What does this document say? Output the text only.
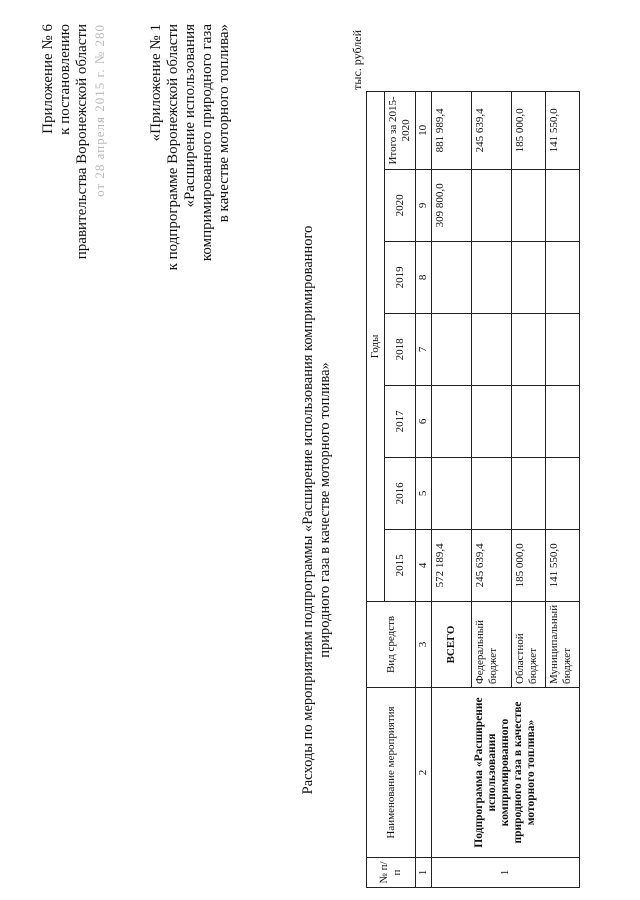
Приложение № 6 к постановлению правительства Воронежской области от 28 апреля 2015 г. № 280	«Приложение № 1 к подпрограмме Воронежской области «Расширение использования компримированного природного газа в качестве моторного топлива»
Расходы по мероприятиям подпрограммы «Расширение использования компримированного природного газа в качестве моторного топлива»
тыс. рублей
№ п/п	Наименование мероприятия	Вид средств	Годы						
			2015	2016	2017	2018	2019	2020	Итого за 2015-2020
1	2	3	4	5	6	7	8	9	10
1	Подпрограмма «Расширение использования компримированного природного газа в качестве моторного топлива»	ВСЕГО	572 189,4					309 800,0	881 989,4
		Федеральный бюджет	245 639,4						245 639,4
		Областной бюджет	185 000,0						185 000,0
		Муниципальный бюджет	141 550,0						141 550,0
